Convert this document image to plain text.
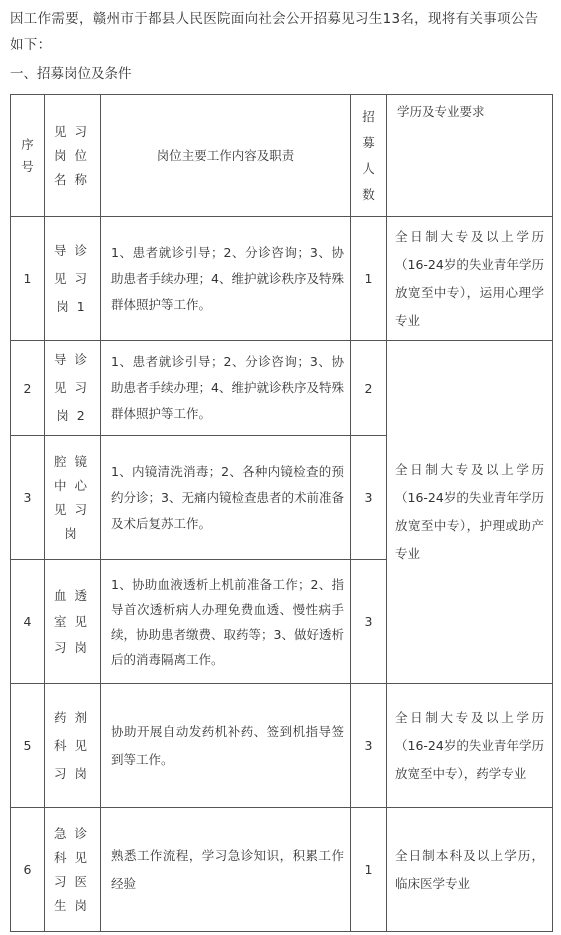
因工作需要，赣州市于都县人民医院面向社会公开招募见习生13名，现将有关事项公告如下：
一、招募岗位及条件
序号	见习岗位名称	岗位主要工作内容及职责	招募人数	学历及专业要求
1	导诊见习岗1	1、患者就诊引导；2、分诊咨询；3、协助患者手续办理；4、维护就诊秩序及特殊群体照护等工作。	1	全日制大专及以上学历（16-24岁的失业青年学历放宽至中专），运用心理学专业
2	导诊见习岗2	1、患者就诊引导；2、分诊咨询；3、协助患者手续办理；4、维护就诊秩序及特殊群体照护等工作。	2	全日制大专及以上学历（16-24岁的失业青年学历放宽至中专），护理或助产专业
3	腔镜中心见习岗	1、内镜清洗消毒；2、各种内镜检查的预约分诊；3、无痛内镜检查患者的术前准备及术后复苏工作。	3	
4	血透室见习岗	1、协助血液透析上机前准备工作；2、指导首次透析病人办理免费血透、慢性病手续，协助患者缴费、取药等；3、做好透析后的消毒隔离工作。	3	
5	药剂科见习岗	协助开展自动发药机补药、签到机指导签到等工作。	3	全日制大专及以上学历（16-24岁的失业青年学历放宽至中专），药学专业
6	急诊科见习医生岗	熟悉工作流程，学习急诊知识，积累工作经验	1	全日制本科及以上学历，临床医学专业
